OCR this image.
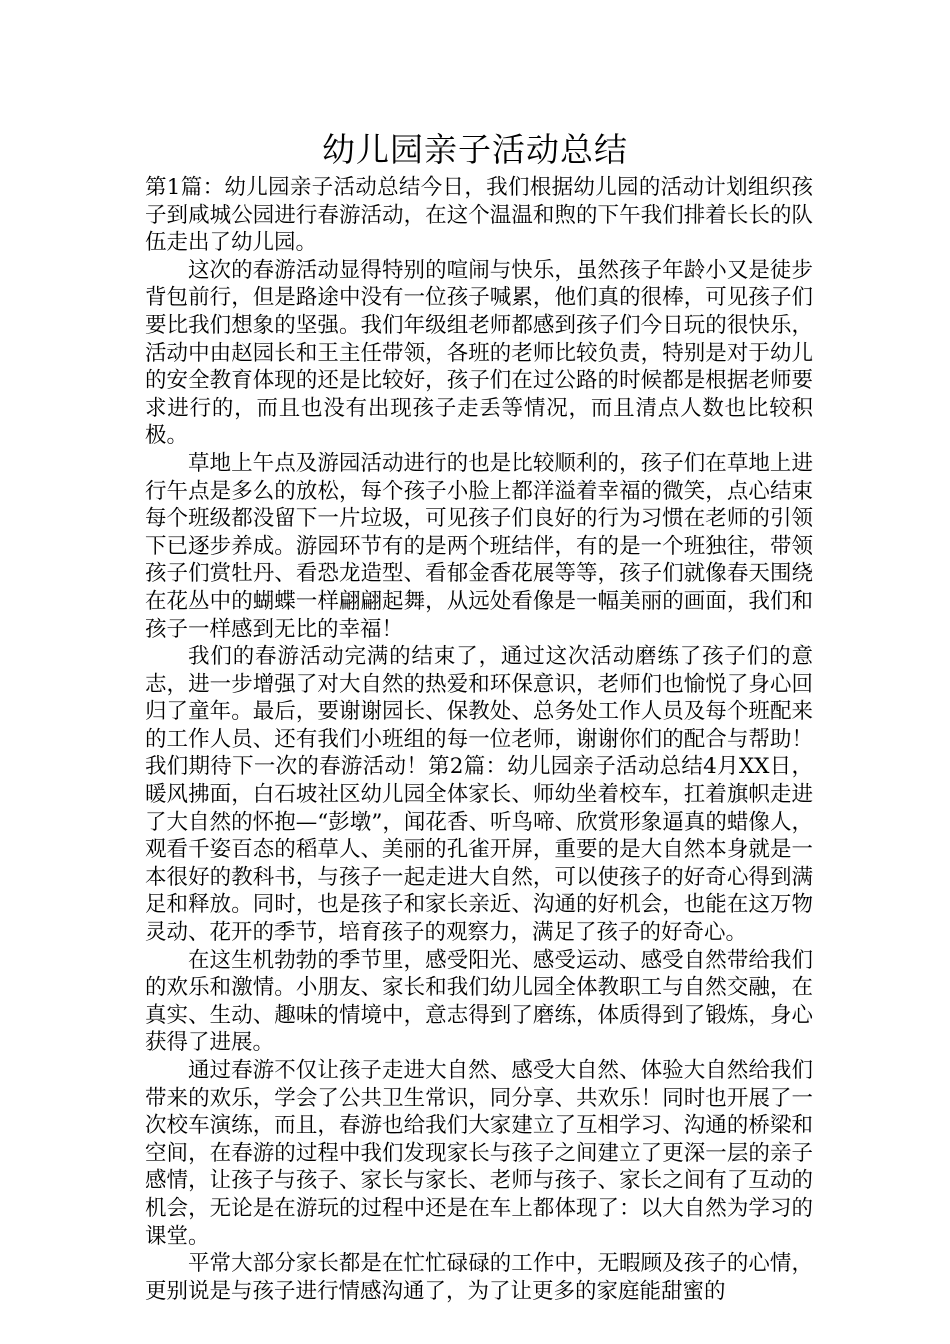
幼儿园亲子活动总结

第1篇：幼儿园亲子活动总结今日，我们根据幼儿园的活动计划组织孩子到咸城公园进行春游活动，在这个温温和煦的下午我们排着长长的队伍走出了幼儿园。

这次的春游活动显得特别的喧闹与快乐，虽然孩子年龄小又是徒步背包前行，但是路途中没有一位孩子喊累，他们真的很棒，可见孩子们要比我们想象的坚强。我们年级组老师都感到孩子们今日玩的很快乐，活动中由赵园长和王主任带领，各班的老师比较负责，特别是对于幼儿的安全教育体现的还是比较好，孩子们在过公路的时候都是根据老师要求进行的，而且也没有出现孩子走丢等情况，而且清点人数也比较积极。

草地上午点及游园活动进行的也是比较顺利的，孩子们在草地上进行午点是多么的放松，每个孩子小脸上都洋溢着幸福的微笑，点心结束每个班级都没留下一片垃圾，可见孩子们良好的行为习惯在老师的引领下已逐步养成。游园环节有的是两个班结伴，有的是一个班独往，带领孩子们赏牡丹、看恐龙造型、看郁金香花展等等，孩子们就像春天围绕在花丛中的蝴蝶一样翩翩起舞，从远处看像是一幅美丽的画面，我们和孩子一样感到无比的幸福！

我们的春游活动完满的结束了，通过这次活动磨练了孩子们的意志，进一步增强了对大自然的热爱和环保意识，老师们也愉悦了身心回归了童年。最后，要谢谢园长、保教处、总务处工作人员及每个班配来的工作人员、还有我们小班组的每一位老师，谢谢你们的配合与帮助！我们期待下一次的春游活动！第2篇：幼儿园亲子活动总结4月XX日，暖风拂面，白石坡社区幼儿园全体家长、师幼坐着校车，扛着旗帜走进了大自然的怀抱—“彭墩”，闻花香、听鸟啼、欣赏形象逼真的蜡像人，观看千姿百态的稻草人、美丽的孔雀开屏，重要的是大自然本身就是一本很好的教科书，与孩子一起走进大自然，可以使孩子的好奇心得到满足和释放。同时，也是孩子和家长亲近、沟通的好机会，也能在这万物灵动、花开的季节，培育孩子的观察力，满足了孩子的好奇心。

在这生机勃勃的季节里，感受阳光、感受运动、感受自然带给我们的欢乐和激情。小朋友、家长和我们幼儿园全体教职工与自然交融，在真实、生动、趣味的情境中，意志得到了磨练，体质得到了锻炼，身心获得了进展。

通过春游不仅让孩子走进大自然、感受大自然、体验大自然给我们带来的欢乐，学会了公共卫生常识，同分享、共欢乐！同时也开展了一次校车演练，而且，春游也给我们大家建立了互相学习、沟通的桥梁和空间，在春游的过程中我们发现家长与孩子之间建立了更深一层的亲子感情，让孩子与孩子、家长与家长、老师与孩子、家长之间有了互动的机会，无论是在游玩的过程中还是在车上都体现了：以大自然为学习的课堂。

平常大部分家长都是在忙忙碌碌的工作中，无暇顾及孩子的心情，更别说是与孩子进行情感沟通了，为了让更多的家庭能甜蜜的
